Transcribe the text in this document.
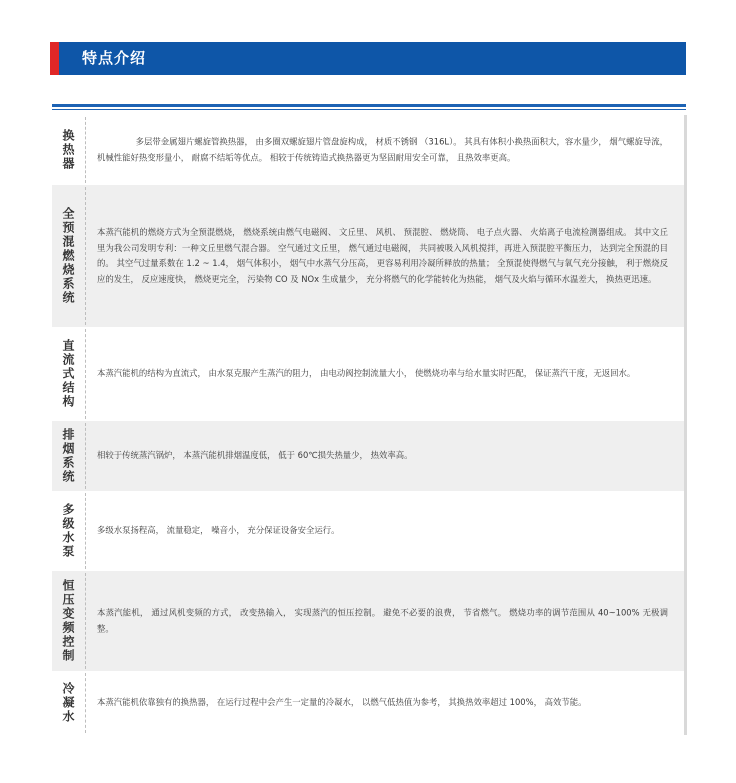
特点介绍
换热器	多层带金属翅片螺旋管换热器， 由多圈双螺旋翅片管盘旋构成， 材质不锈钢 （316L）。 其具有体积小换热面积大，容水量少， 烟气螺旋导流， 机械性能好热变形量小， 耐腐不结垢等优点。 相较于传统铸造式换热器更为坚固耐用安全可靠， 且热效率更高。
全预混燃烧系统	本蒸汽能机的燃烧方式为全预混燃烧， 燃烧系统由燃气电磁阀、 文丘里、 风机、 预混腔、 燃烧筒、 电子点火器、 火焰离子电流检测器组成。 其中文丘里为我公司发明专利：一种文丘里燃气混合器。 空气通过文丘里， 燃气通过电磁阀， 共同被吸入风机搅拌，再进入预混腔平衡压力， 达到完全预混的目的。 其空气过量系数在 1.2 ~ 1.4， 烟气体积小， 烟气中水蒸气分压高， 更容易利用冷凝所释放的热量； 全预混使得燃气与氧气充分接触， 利于燃烧反应的发生， 反应速度快， 燃烧更完全， 污染物 CO 及 NOx 生成量少， 充分将燃气的化学能转化为热能， 烟气及火焰与循环水温差大， 换热更迅速。
直流式结构	本蒸汽能机的结构为直流式， 由水泵克服产生蒸汽的阻力， 由电动阀控制流量大小， 使燃烧功率与给水量实时匹配， 保证蒸汽干度，无返回水。
排烟系统	相较于传统蒸汽锅炉， 本蒸汽能机排烟温度低， 低于 60℃损失热量少， 热效率高。
多级水泵	多级水泵扬程高， 流量稳定， 噪音小， 充分保证设备安全运行。
恒压变频控制	本蒸汽能机， 通过风机变频的方式， 改变热输入， 实现蒸汽的恒压控制。 避免不必要的浪费， 节省燃气。 燃烧功率的调节范围从 40~100% 无极调整。
冷凝水	本蒸汽能机依靠独有的换热器， 在运行过程中会产生一定量的冷凝水， 以燃气低热值为参考， 其换热效率超过 100%， 高效节能。
